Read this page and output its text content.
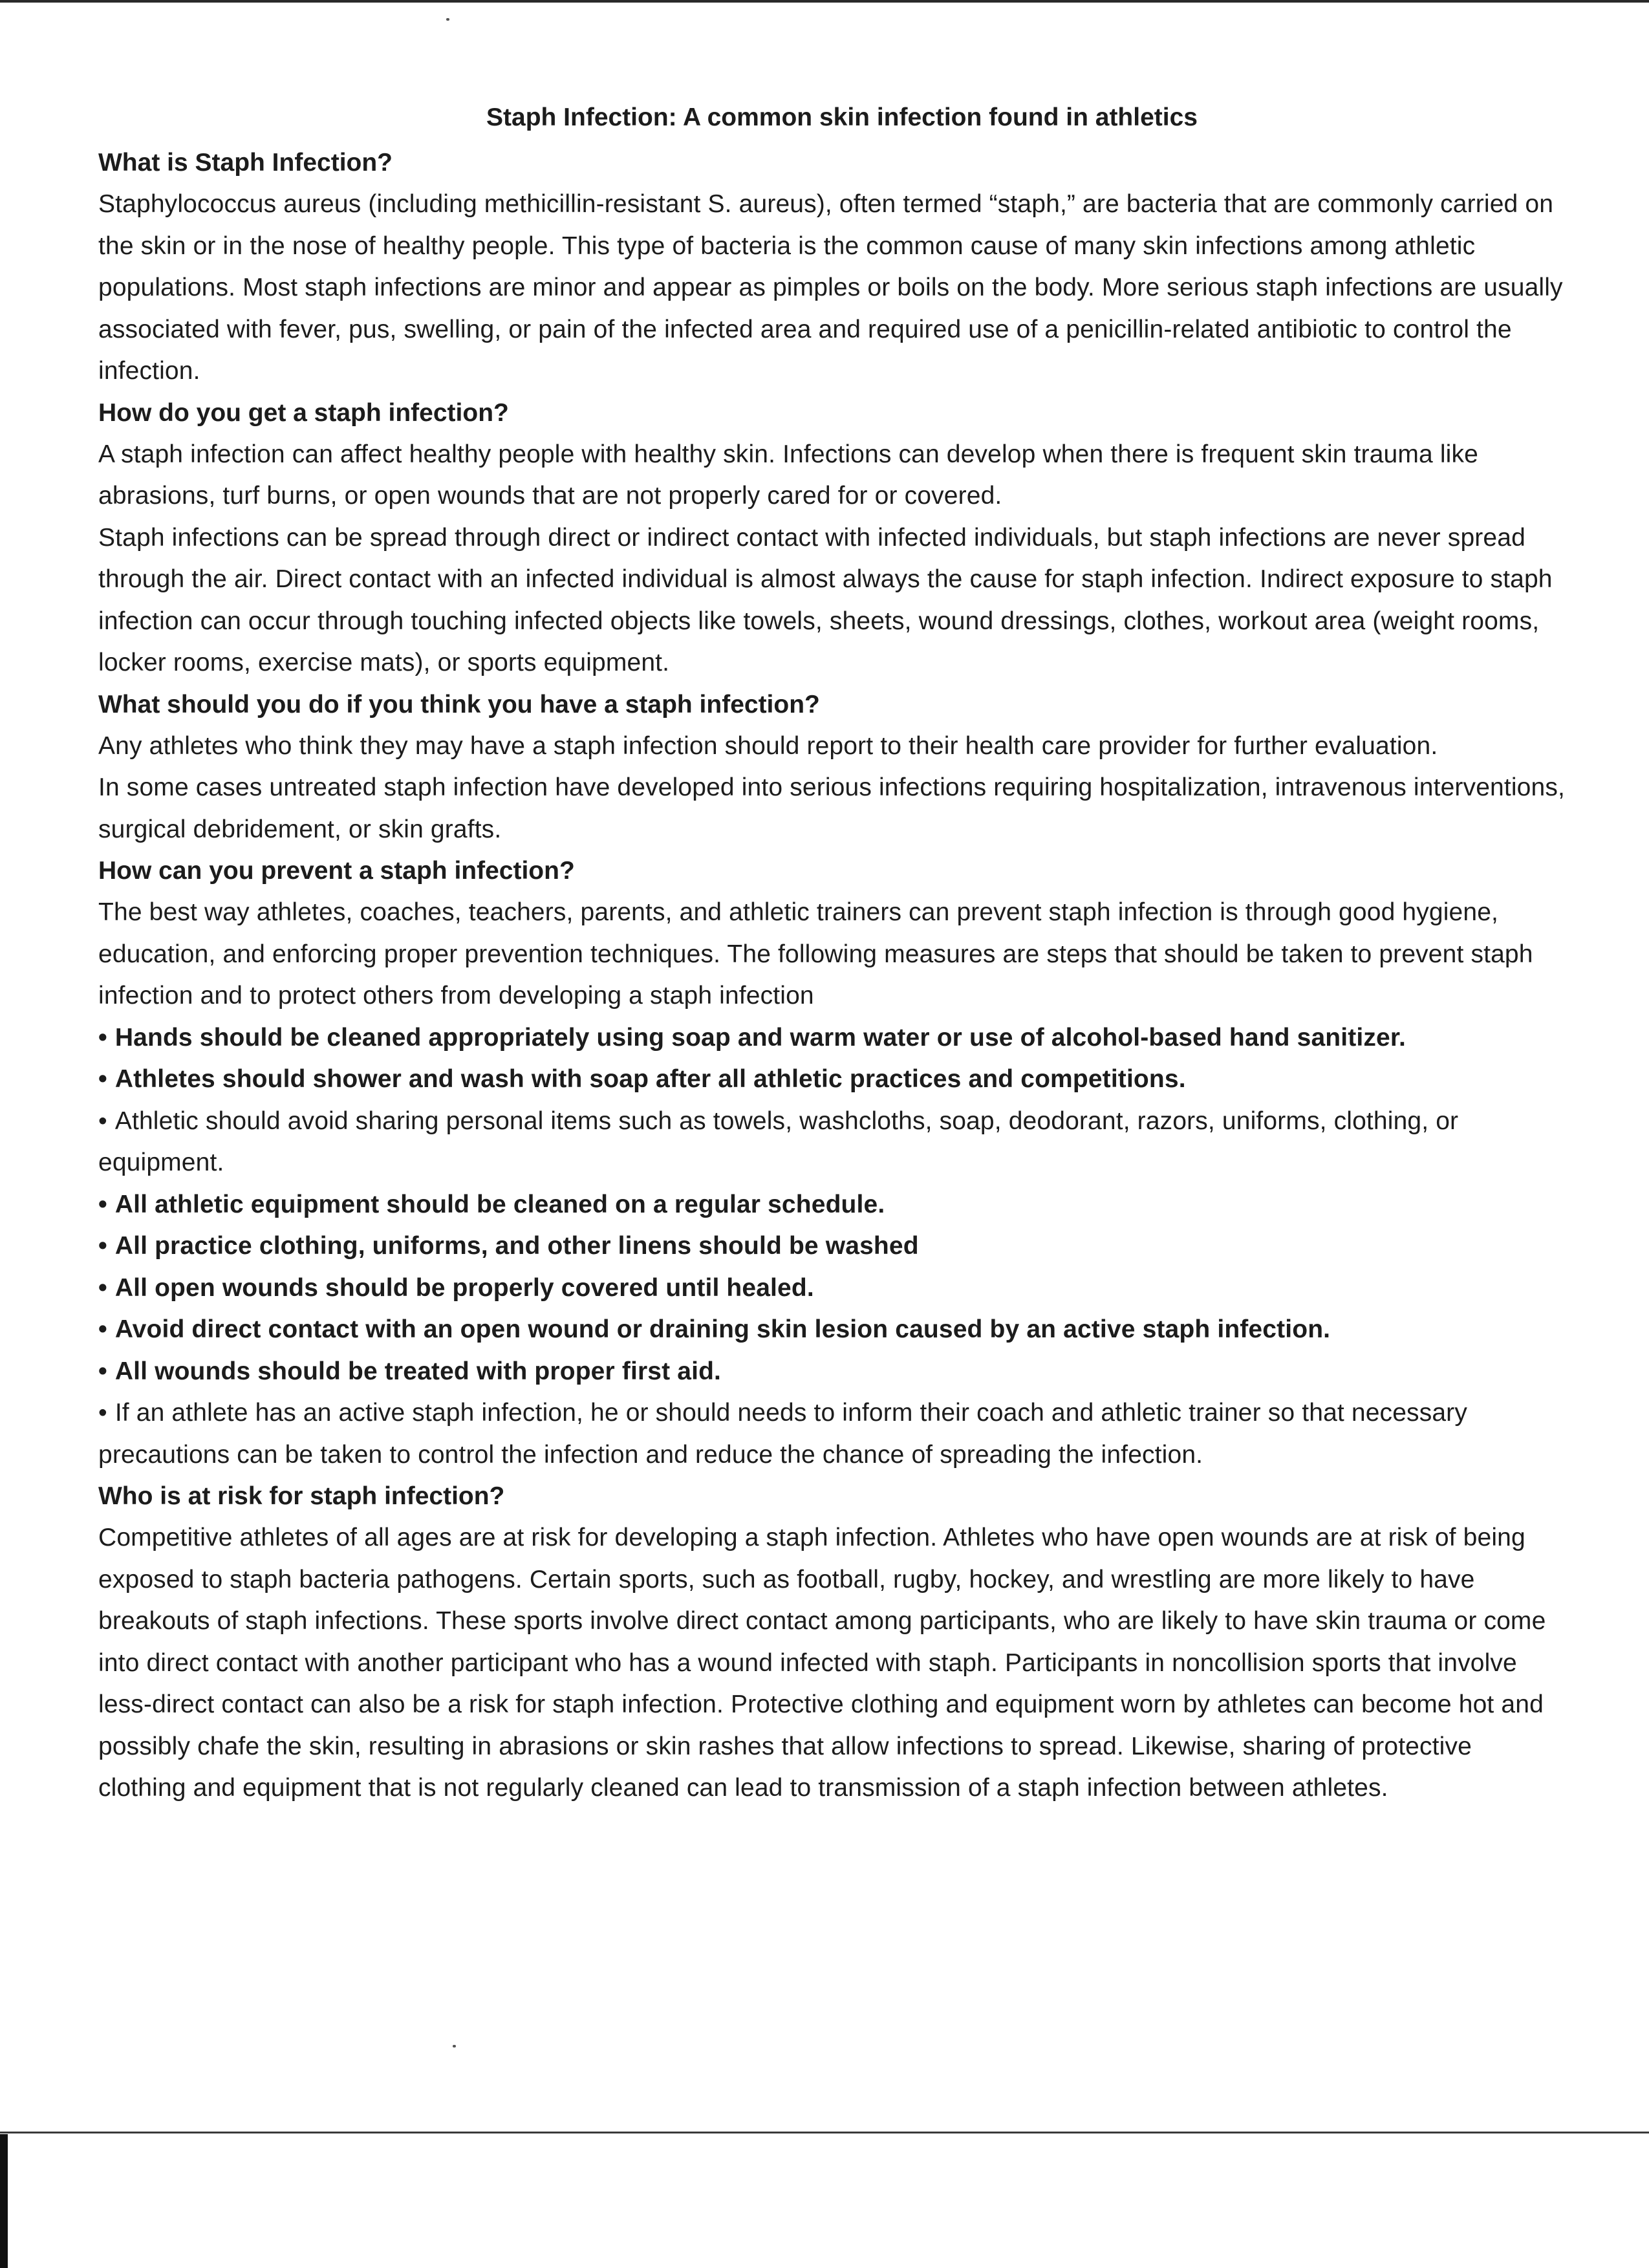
Staph Infection: A common skin infection found in athletics
What is Staph Infection?

Staphylococcus aureus (including methicillin-resistant S. aureus), often termed “staph,” are bacteria that are commonly carried on the skin or in the nose of healthy people. This type of bacteria is the common cause of many skin infections among athletic populations. Most staph infections are minor and appear as pimples or boils on the body. More serious staph infections are usually associated with fever, pus, swelling, or pain of the infected area and required use of a penicillin-related antibiotic to control the infection.

How do you get a staph infection?

A staph infection can affect healthy people with healthy skin. Infections can develop when there is frequent skin trauma like abrasions, turf burns, or open wounds that are not properly cared for or covered.

Staph infections can be spread through direct or indirect contact with infected individuals, but staph infections are never spread through the air. Direct contact with an infected individual is almost always the cause for staph infection. Indirect exposure to staph infection can occur through touching infected objects like towels, sheets, wound dressings, clothes, workout area (weight rooms, locker rooms, exercise mats), or sports equipment.

What should you do if you think you have a staph infection?

Any athletes who think they may have a staph infection should report to their health care provider for further evaluation.

In some cases untreated staph infection have developed into serious infections requiring hospitalization, intravenous interventions, surgical debridement, or skin grafts.

How can you prevent a staph infection?

The best way athletes, coaches, teachers, parents, and athletic trainers can prevent staph infection is through good hygiene, education, and enforcing proper prevention techniques. The following measures are steps that should be taken to prevent staph infection and to protect others from developing a staph infection

• Hands should be cleaned appropriately using soap and warm water or use of alcohol-based hand sanitizer.
• Athletes should shower and wash with soap after all athletic practices and competitions.
• Athletic should avoid sharing personal items such as towels, washcloths, soap, deodorant, razors, uniforms, clothing, or equipment.
• All athletic equipment should be cleaned on a regular schedule.
• All practice clothing, uniforms, and other linens should be washed
• All open wounds should be properly covered until healed.
• Avoid direct contact with an open wound or draining skin lesion caused by an active staph infection.
• All wounds should be treated with proper first aid.
• If an athlete has an active staph infection, he or should needs to inform their coach and athletic trainer so that necessary precautions can be taken to control the infection and reduce the chance of spreading the infection.
Who is at risk for staph infection?

Competitive athletes of all ages are at risk for developing a staph infection. Athletes who have open wounds are at risk of being exposed to staph bacteria pathogens. Certain sports, such as football, rugby, hockey, and wrestling are more likely to have breakouts of staph infections. These sports involve direct contact among participants, who are likely to have skin trauma or come into direct contact with another participant who has a wound infected with staph. Participants in noncollision sports that involve less-direct contact can also be a risk for staph infection. Protective clothing and equipment worn by athletes can become hot and possibly chafe the skin, resulting in abrasions or skin rashes that allow infections to spread. Likewise, sharing of protective clothing and equipment that is not regularly cleaned can lead to transmission of a staph infection between athletes.
